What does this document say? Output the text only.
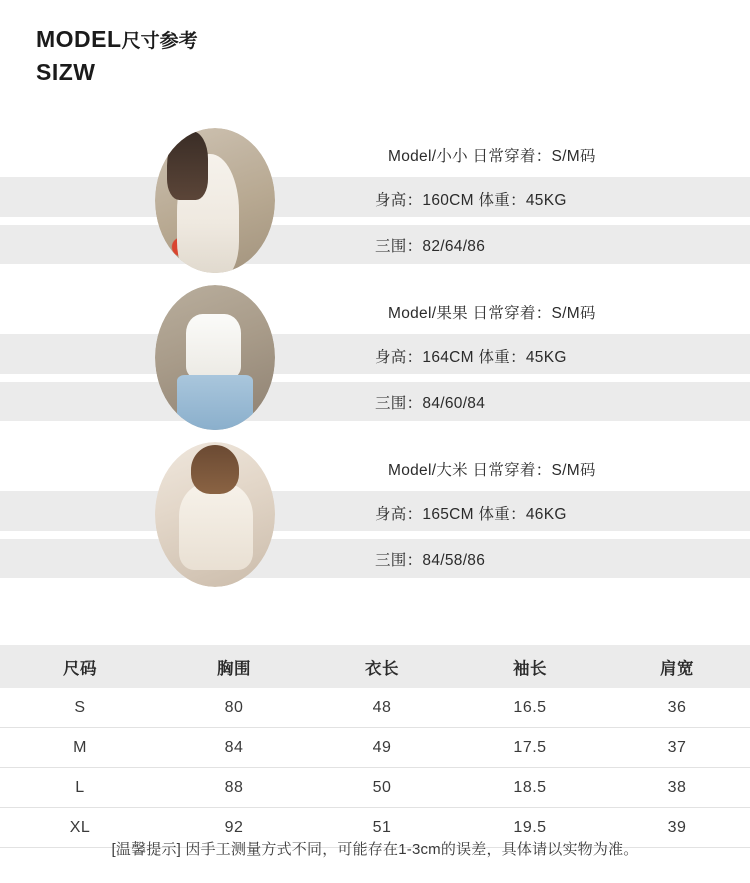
MODEL尺寸参考
SIZW
Model/小小 日常穿着：S/M码
身高：160CM 体重：45KG
三围：82/64/86
Model/果果 日常穿着：S/M码
身高：164CM 体重：45KG
三围：84/60/84
Model/大米 日常穿着：S/M码
身高：165CM 体重：46KG
三围：84/58/86
尺码	胸围	衣长	袖长	肩宽
S	80	48	16.5	36
M	84	49	17.5	37
L	88	50	18.5	38
XL	92	51	19.5	39
[温馨提示] 因手工测量方式不同，可能存在1-3cm的误差，具体请以实物为准。
